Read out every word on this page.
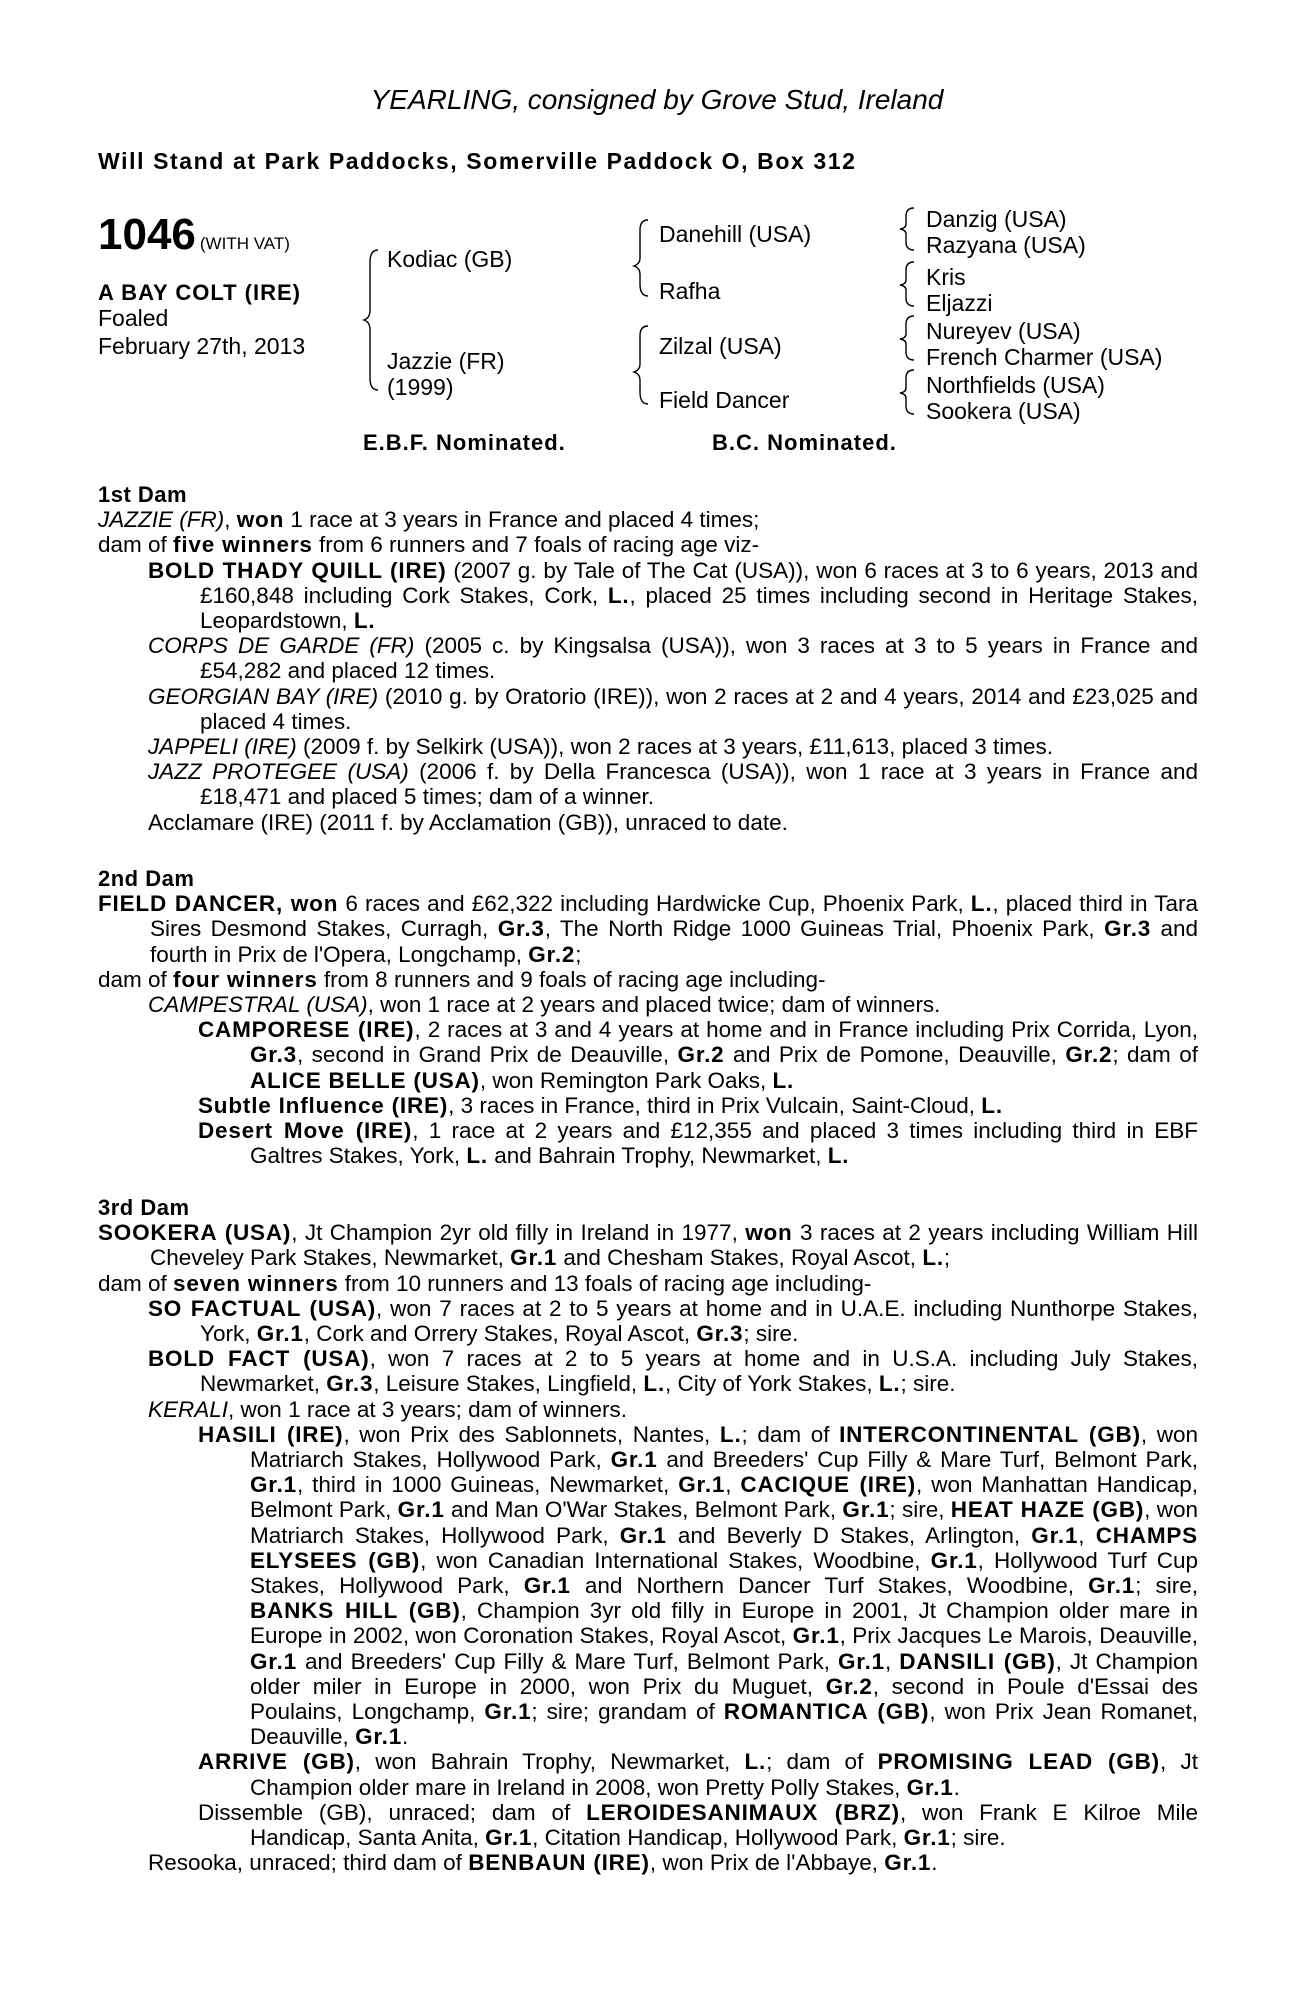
YEARLING, consigned by Grove Stud, Ireland
Will Stand at Park Paddocks, Somerville Paddock O, Box 312
1046 (WITH VAT)
A BAY COLT (IRE)
Foaled
February 27th, 2013
Kodiac (GB)
Jazzie (FR)
(1999)
Danehill (USA)
Rafha
Zilzal (USA)
Field Dancer
Danzig (USA)
Razyana (USA)
Kris
Eljazzi
Nureyev (USA)
French Charmer (USA)
Northfields (USA)
Sookera (USA)
E.B.F. Nominated.	B.C. Nominated.

1st Dam

JAZZIE (FR), won 1 race at 3 years in France and placed 4 times;

dam of five winners from 6 runners and 7 foals of racing age viz-

BOLD THADY QUILL (IRE) (2007 g. by Tale of The Cat (USA)), won 6 races at 3 to 6 years, 2013 and £160,848 including Cork Stakes, Cork, L., placed 25 times including second in Heritage Stakes, Leopardstown, L.

CORPS DE GARDE (FR) (2005 c. by Kingsalsa (USA)), won 3 races at 3 to 5 years in France and £54,282 and placed 12 times.

GEORGIAN BAY (IRE) (2010 g. by Oratorio (IRE)), won 2 races at 2 and 4 years, 2014 and £23,025 and placed 4 times.

JAPPELI (IRE) (2009 f. by Selkirk (USA)), won 2 races at 3 years, £11,613, placed 3 times.

JAZZ PROTEGEE (USA) (2006 f. by Della Francesca (USA)), won 1 race at 3 years in France and £18,471 and placed 5 times; dam of a winner.

Acclamare (IRE) (2011 f. by Acclamation (GB)), unraced to date.

2nd Dam

FIELD DANCER, won 6 races and £62,322 including Hardwicke Cup, Phoenix Park, L., placed third in Tara Sires Desmond Stakes, Curragh, Gr.3, The North Ridge 1000 Guineas Trial, Phoenix Park, Gr.3 and fourth in Prix de l'Opera, Longchamp, Gr.2;

dam of four winners from 8 runners and 9 foals of racing age including-

CAMPESTRAL (USA), won 1 race at 2 years and placed twice; dam of winners.

CAMPORESE (IRE), 2 races at 3 and 4 years at home and in France including Prix Corrida, Lyon, Gr.3, second in Grand Prix de Deauville, Gr.2 and Prix de Pomone, Deauville, Gr.2; dam of ALICE BELLE (USA), won Remington Park Oaks, L.

Subtle Influence (IRE), 3 races in France, third in Prix Vulcain, Saint-Cloud, L.

Desert Move (IRE), 1 race at 2 years and £12,355 and placed 3 times including third in EBF Galtres Stakes, York, L. and Bahrain Trophy, Newmarket, L.

3rd Dam

SOOKERA (USA), Jt Champion 2yr old filly in Ireland in 1977, won 3 races at 2 years including William Hill Cheveley Park Stakes, Newmarket, Gr.1 and Chesham Stakes, Royal Ascot, L.;

dam of seven winners from 10 runners and 13 foals of racing age including-

SO FACTUAL (USA), won 7 races at 2 to 5 years at home and in U.A.E. including Nunthorpe Stakes, York, Gr.1, Cork and Orrery Stakes, Royal Ascot, Gr.3; sire.

BOLD FACT (USA), won 7 races at 2 to 5 years at home and in U.S.A. including July Stakes, Newmarket, Gr.3, Leisure Stakes, Lingfield, L., City of York Stakes, L.; sire.

KERALI, won 1 race at 3 years; dam of winners.

HASILI (IRE), won Prix des Sablonnets, Nantes, L.; dam of INTERCONTINENTAL (GB), won Matriarch Stakes, Hollywood Park, Gr.1 and Breeders' Cup Filly & Mare Turf, Belmont Park, Gr.1, third in 1000 Guineas, Newmarket, Gr.1, CACIQUE (IRE), won Manhattan Handicap, Belmont Park, Gr.1 and Man O'War Stakes, Belmont Park, Gr.1; sire, HEAT HAZE (GB), won Matriarch Stakes, Hollywood Park, Gr.1 and Beverly D Stakes, Arlington, Gr.1, CHAMPS ELYSEES (GB), won Canadian International Stakes, Woodbine, Gr.1, Hollywood Turf Cup Stakes, Hollywood Park, Gr.1 and Northern Dancer Turf Stakes, Woodbine, Gr.1; sire, BANKS HILL (GB), Champion 3yr old filly in Europe in 2001, Jt Champion older mare in Europe in 2002, won Coronation Stakes, Royal Ascot, Gr.1, Prix Jacques Le Marois, Deauville, Gr.1 and Breeders' Cup Filly & Mare Turf, Belmont Park, Gr.1, DANSILI (GB), Jt Champion older miler in Europe in 2000, won Prix du Muguet, Gr.2, second in Poule d'Essai des Poulains, Longchamp, Gr.1; sire; grandam of ROMANTICA (GB), won Prix Jean Romanet, Deauville, Gr.1.

ARRIVE (GB), won Bahrain Trophy, Newmarket, L.; dam of PROMISING LEAD (GB), Jt Champion older mare in Ireland in 2008, won Pretty Polly Stakes, Gr.1.

Dissemble (GB), unraced; dam of LEROIDESANIMAUX (BRZ), won Frank E Kilroe Mile Handicap, Santa Anita, Gr.1, Citation Handicap, Hollywood Park, Gr.1; sire.

Resooka, unraced; third dam of BENBAUN (IRE), won Prix de l'Abbaye, Gr.1.
